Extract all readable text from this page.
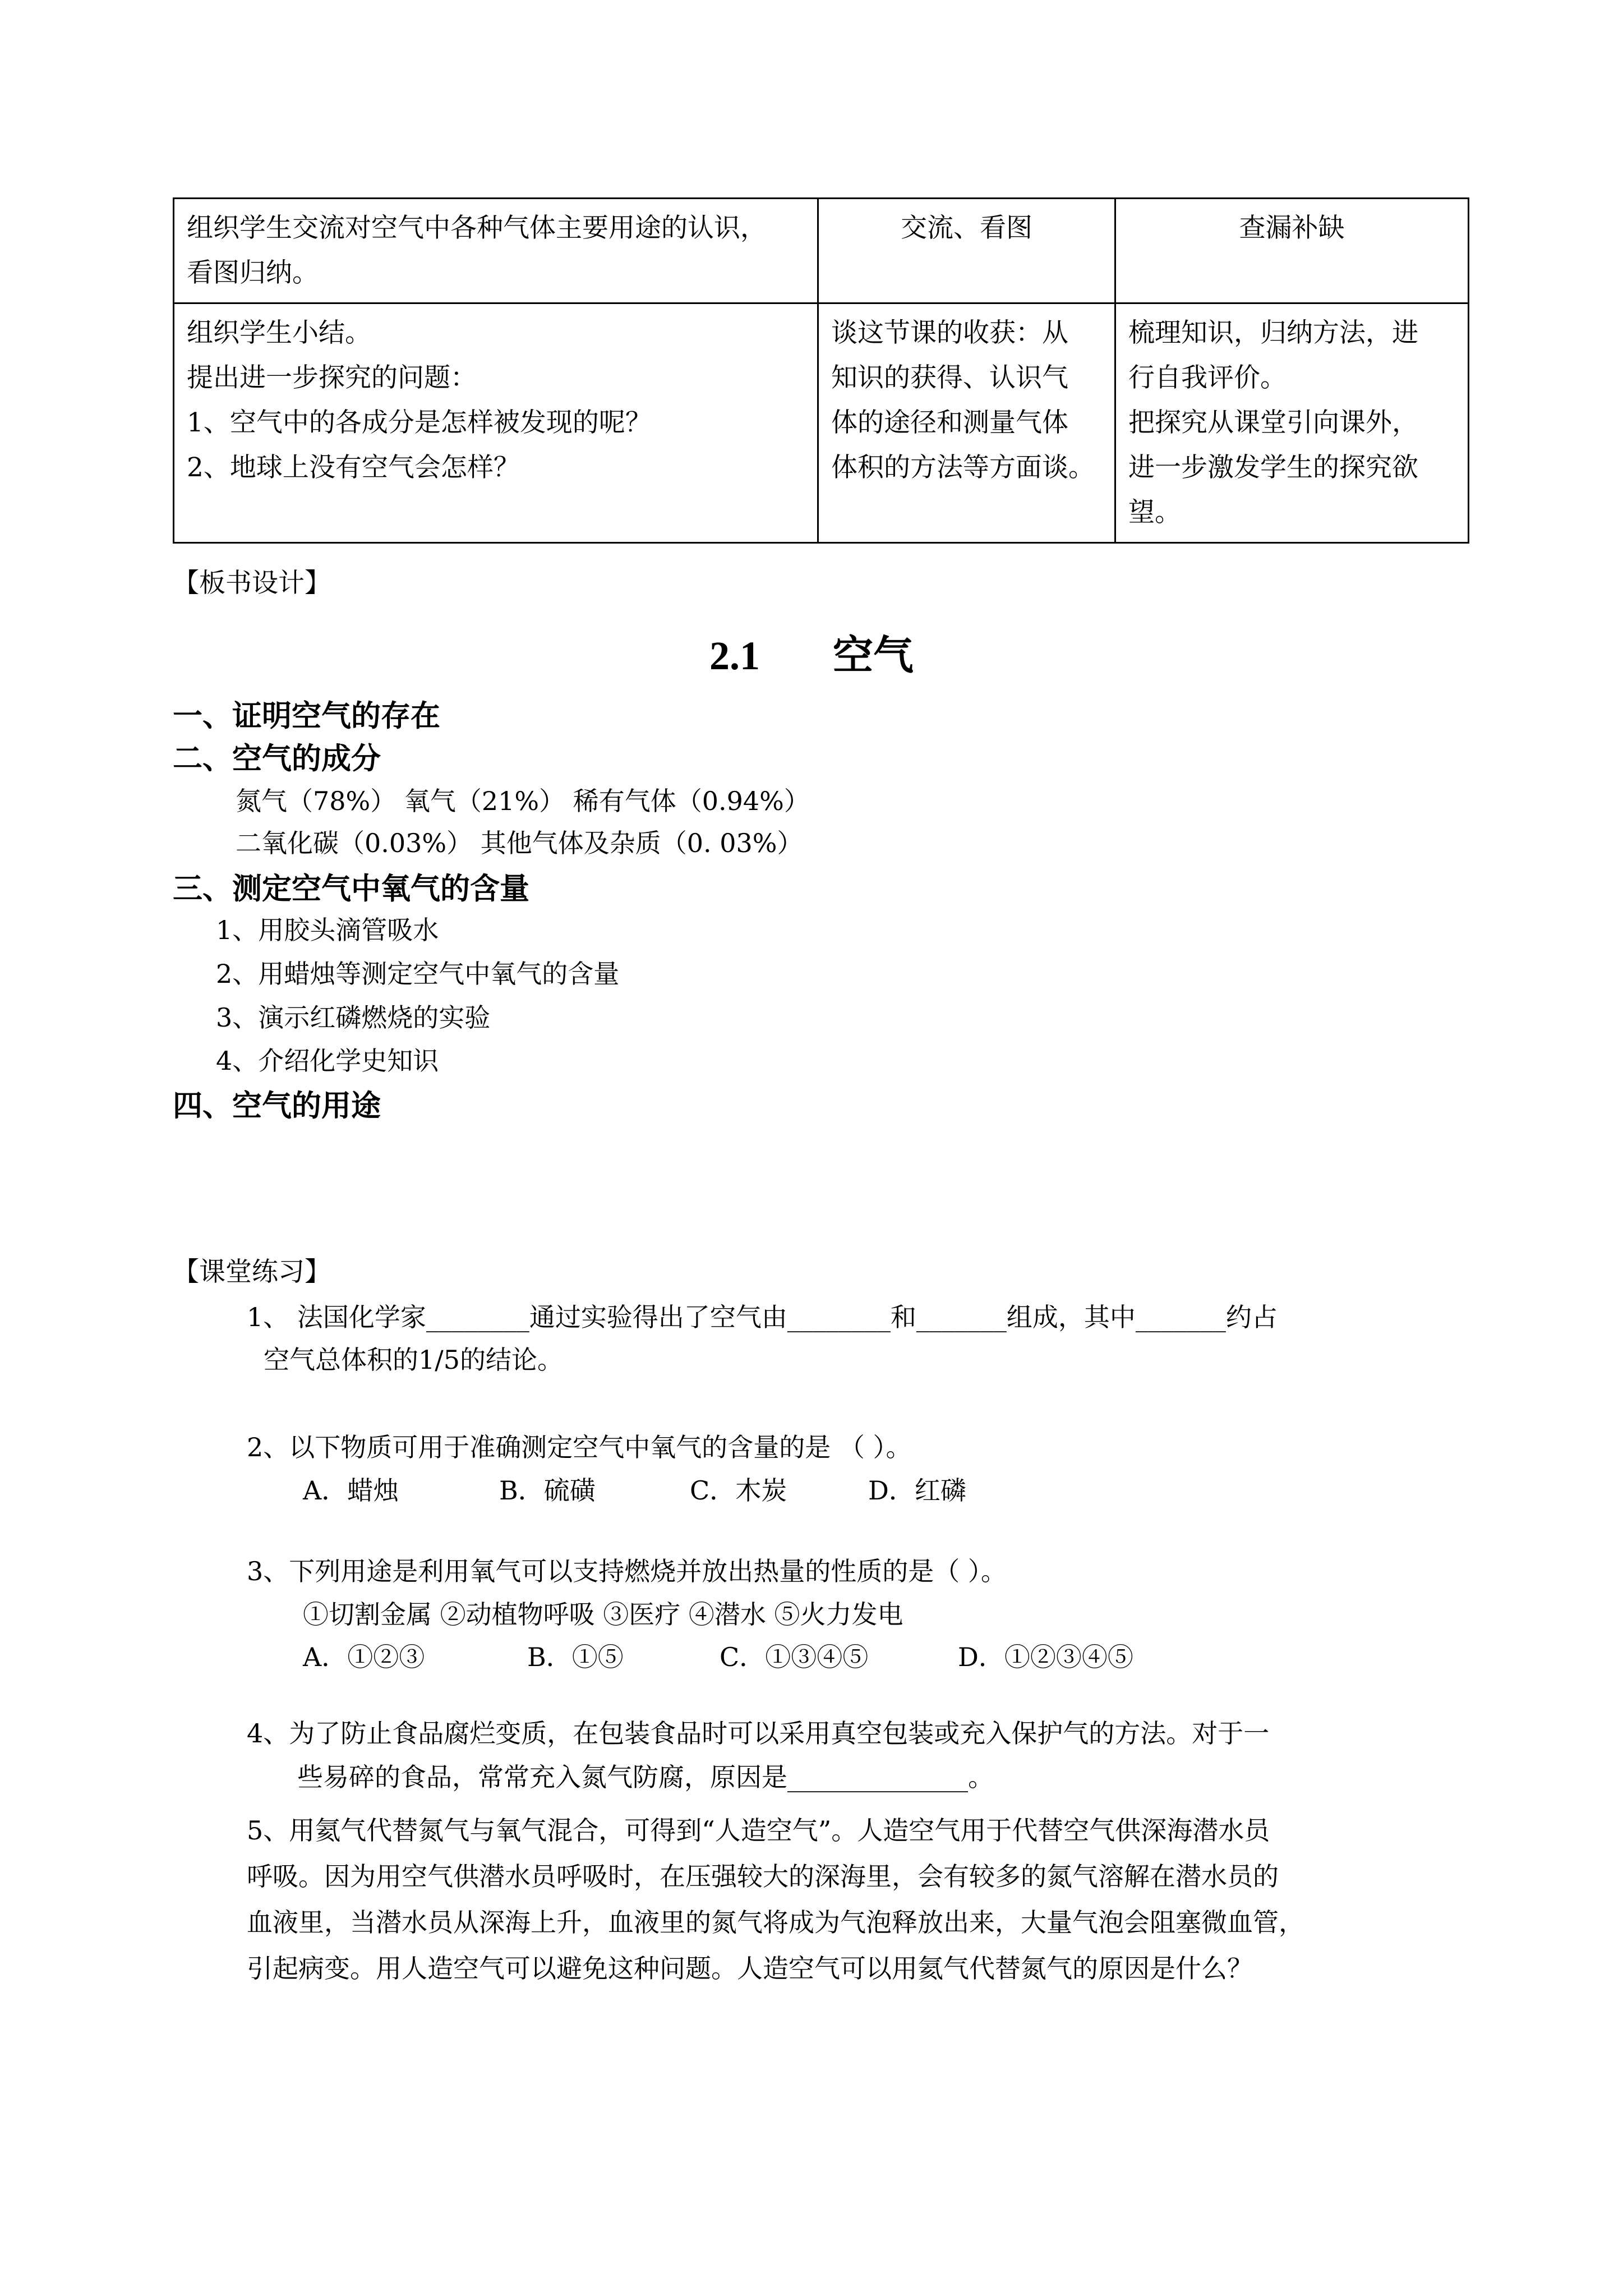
组织学生交流对空气中各种气体主要用途的认识，
看图归纳。	交流、看图	查漏补缺

组织学生小结。
提出进一步探究的问题：
1、空气中的各成分是怎样被发现的呢？
2、地球上没有空气会怎样？	谈这节课的收获：从
知识的获得、认识气
体的途径和测量气体
体积的方法等方面谈。	梳理知识，归纳方法，进
行自我评价。
把探究从课堂引向课外，
进一步激发学生的探究欲
望。
【板书设计】
2.1 空气
一、证明空气的存在
二、空气的成分
氮气（78%） 氧气（21%） 稀有气体（0.94%）
二氧化碳（0.03%） 其他气体及杂质（0. 03%）
三、测定空气中氧气的含量
1、用胶头滴管吸水
2、用蜡烛等测定空气中氧气的含量
3、演示红磷燃烧的实验
4、介绍化学史知识
四、空气的用途
【课堂练习】
1、 法国化学家________通过实验得出了空气由________和_______组成，其中_______约占
空气总体积的1/5的结论。
2、以下物质可用于准确测定空气中氧气的含量的是 （ ）。
A．蜡烛	B．硫磺	C．木炭	D．红磷
3、下列用途是利用氧气可以支持燃烧并放出热量的性质的是（ ）。
①切割金属 ②动植物呼吸 ③医疗 ④潜水 ⑤火力发电
A．①②③	B．①⑤	C．①③④⑤	D．①②③④⑤
4、为了防止食品腐烂变质，在包装食品时可以采用真空包装或充入保护气的方法。对于一
些易碎的食品，常常充入氮气防腐，原因是______________。
5、用氦气代替氮气与氧气混合，可得到“人造空气”。人造空气用于代替空气供深海潜水员
呼吸。因为用空气供潜水员呼吸时，在压强较大的深海里，会有较多的氮气溶解在潜水员的
血液里，当潜水员从深海上升，血液里的氮气将成为气泡释放出来，大量气泡会阻塞微血管，
引起病变。用人造空气可以避免这种问题。人造空气可以用氦气代替氮气的原因是什么？
